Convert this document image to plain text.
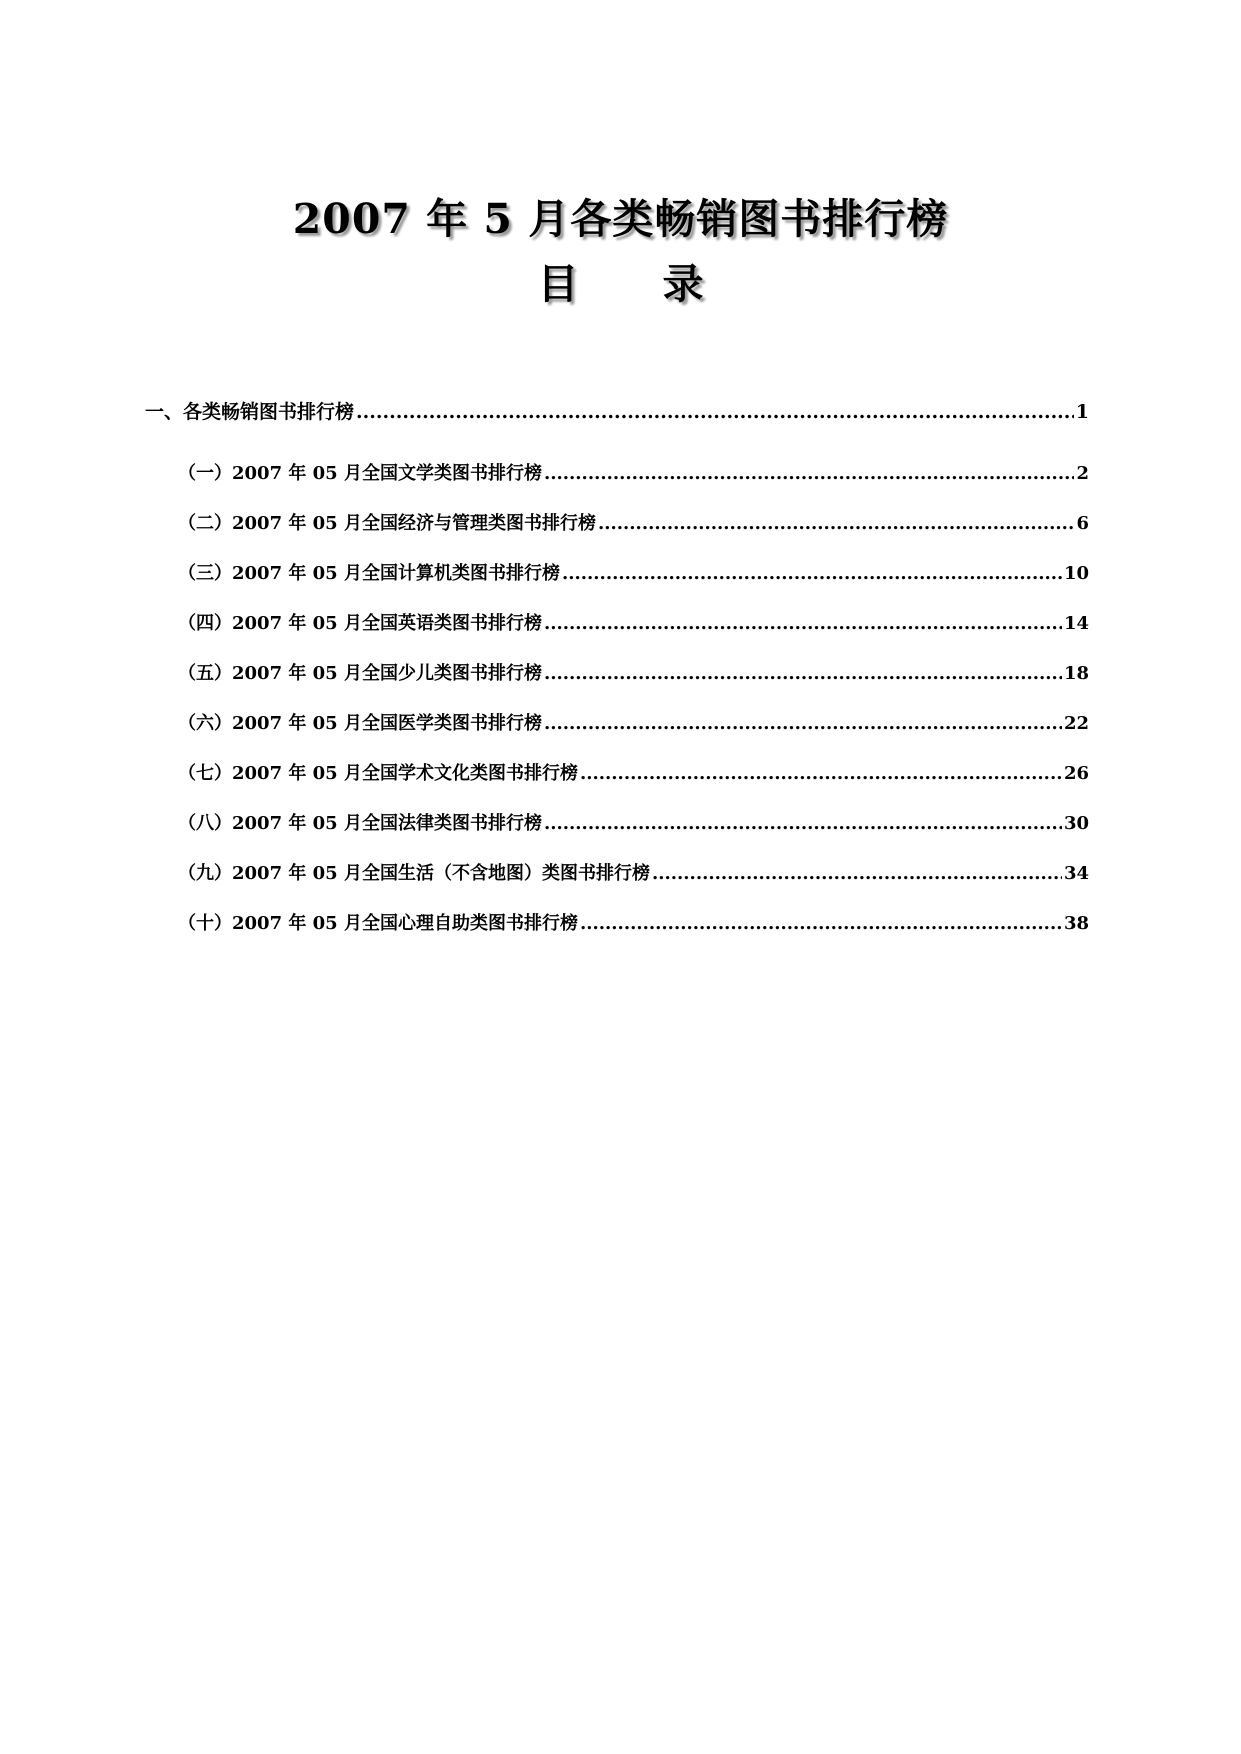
2007 年 5 月各类畅销图书排行榜
目 录
一、各类畅销图书排行榜 .....	1
（一）2007 年 05 月全国文学类图书排行榜 .....	2
（二）2007 年 05 月全国经济与管理类图书排行榜 .....	6
（三）2007 年 05 月全国计算机类图书排行榜 .....	10
（四）2007 年 05 月全国英语类图书排行榜 .....	14
（五）2007 年 05 月全国少儿类图书排行榜 .....	18
（六）2007 年 05 月全国医学类图书排行榜 .....	22
（七）2007 年 05 月全国学术文化类图书排行榜 .....	26
（八）2007 年 05 月全国法律类图书排行榜 .....	30
（九）2007 年 05 月全国生活（不含地图）类图书排行榜 .....	34
（十）2007 年 05 月全国心理自助类图书排行榜 .....	38
